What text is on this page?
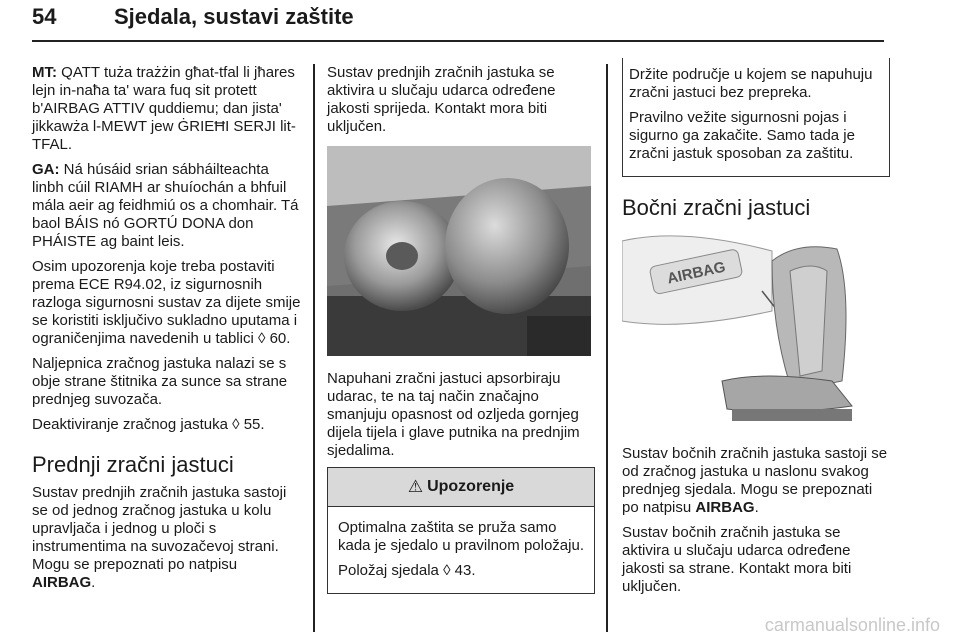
54	Sjedala, sustavi zaštite

MT: QATT tuża trażżin għat-tfal li jħares lejn in-naħa ta' wara fuq sit protett b'AIRBAG ATTIV quddiemu; dan jista' jikkawża l-MEWT jew ĠRIEĦI SERJI lit-TFAL.

GA: Ná húsáid srian sábháilteachta linbh cúil RIAMH ar shuíochán a bhfuil mála aeir ag feidhmiú os a chomhair. Tá baol BÁIS nó GORTÚ DONA don PHÁISTE ag baint leis.

Osim upozorenja koje treba postaviti prema ECE R94.02, iz sigurnosnih razloga sigurnosni sustav za dijete smije se koristiti isključivo sukladno uputama i ograničenjima navedenih u tablici ◊ 60.

Naljepnica zračnog jastuka nalazi se s obje strane štitnika za sunce sa strane prednjeg suvozača.

Deaktiviranje zračnog jastuka ◊ 55.

Prednji zračni jastuci

Sustav prednjih zračnih jastuka sastoji se od jednog zračnog jastuka u kolu upravljača i jednog u ploči s instrumentima na suvozačevoj strani. Mogu se prepoznati po natpisu AIRBAG.

Sustav prednjih zračnih jastuka se aktivira u slučaju udarca određene jakosti sprijeda. Kontakt mora biti uključen.

Napuhani zračni jastuci apsorbiraju udarac, te na taj način značajno smanjuju opasnost od ozljeda gornjeg dijela tijela i glave putnika na prednjim sjedalima.

⚠ Upozorenje

Optimalna zaštita se pruža samo kada je sjedalo u pravilnom položaju.

Položaj sjedala ◊ 43.

Držite područje u kojem se napuhuju zračni jastuci bez prepreka.

Pravilno vežite sigurnosni pojas i sigurno ga zakačite. Samo tada je zračni jastuk sposoban za zaštitu.

Bočni zračni jastuci
AIRBAG

Sustav bočnih zračnih jastuka sastoji se od zračnog jastuka u naslonu svakog prednjeg sjedala. Mogu se prepoznati po natpisu AIRBAG.

Sustav bočnih zračnih jastuka se aktivira u slučaju udarca određene jakosti sa strane. Kontakt mora biti uključen.

carmanualsonline.info
